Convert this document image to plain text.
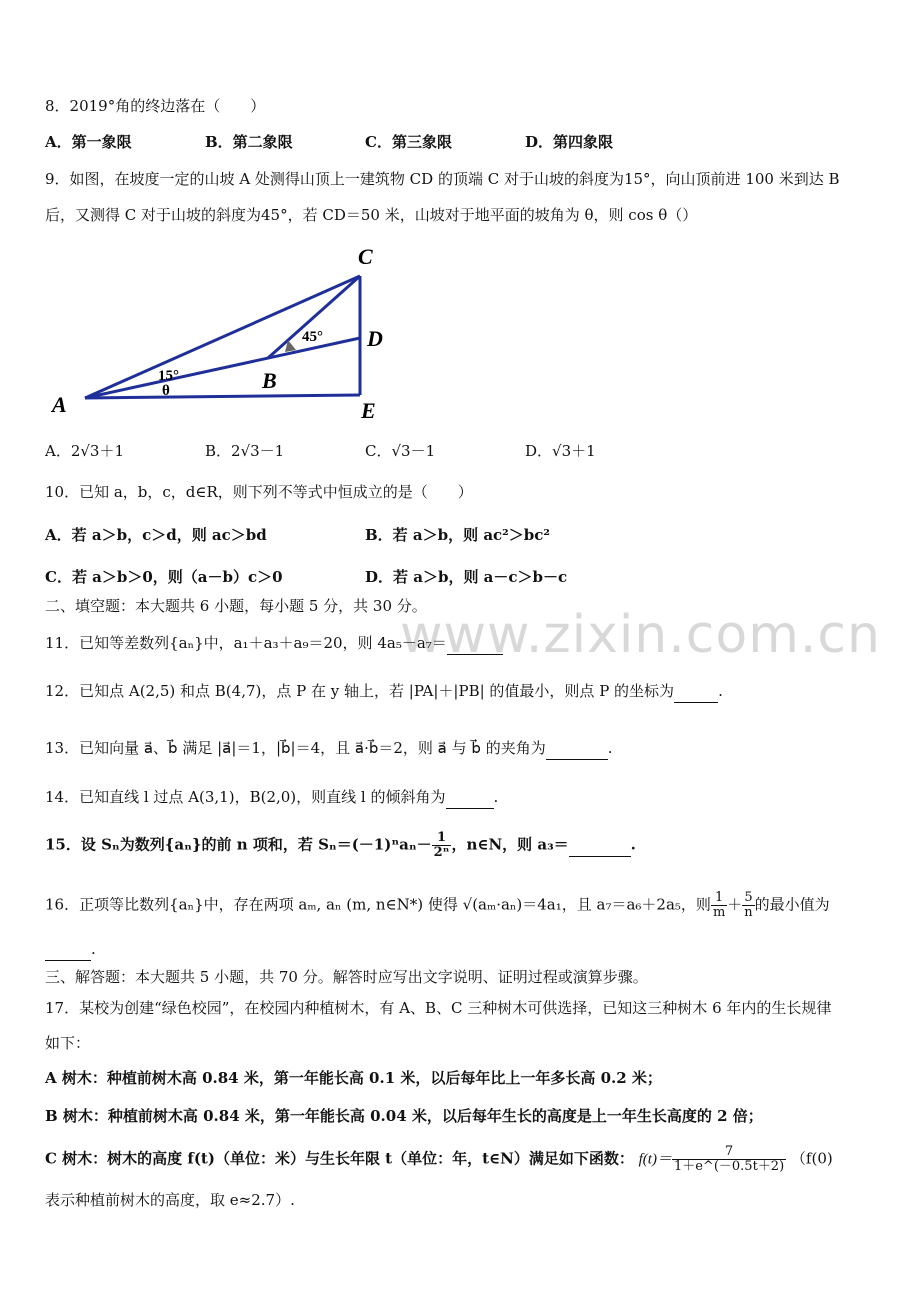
www.zixin.com.cn
8．2019°角的终边落在（　　）
A．第一象限	B．第二象限	C．第三象限	D．第四象限
9．如图，在坡度一定的山坡 A 处测得山顶上一建筑物 CD 的顶端 C 对于山坡的斜度为15°，向山顶前进 100 米到达 B
后，又测得 C 对于山坡的斜度为45°，若 CD＝50 米，山坡对于地平面的坡角为 θ，则 cos θ（）
C
D
A
B
E
15°
45°
θ
A．2√3＋1	B．2√3－1	C．√3－1	D．√3＋1
10．已知 a，b，c，d∈R，则下列不等式中恒成立的是（　　）
A．若 a＞b，c＞d，则 ac＞bd	B．若 a＞b，则 ac²＞bc²
C．若 a＞b＞0，则（a－b）c＞0	D．若 a＞b，则 a－c＞b－c
二、填空题：本大题共 6 小题，每小题 5 分，共 30 分。
11．已知等差数列{aₙ}中，a₁＋a₃＋a₉＝20，则 4a₅－a₇＝
12．已知点 A(2,5) 和点 B(4,7)，点 P 在 y 轴上，若 |PA|＋|PB| 的值最小，则点 P 的坐标为	.
13．已知向量 a⃗、b⃗ 满足 |a⃗|＝1，|b⃗|＝4，且 a⃗·b⃗＝2，则 a⃗ 与 b⃗ 的夹角为	.
14．已知直线 l 过点 A(3,1)，B(2,0)，则直线 l 的倾斜角为	.
15．设 Sₙ为数列{aₙ}的前 n 项和，若 $S_n=(-1)^na_n- \frac{1}{\text{2ⁿ}}$ ，n∈N，则 a₃＝	.
16．正项等比数列{aₙ}中，存在两项 aₘ, aₙ (m, n∈N*) 使得 √(aₘ·aₙ)＝4a₁，且 a₇＝a₆＋2a₅，则 $\frac{1}{m} + \frac{5}{n}$ 的最小值为
.
三、解答题：本大题共 5 小题，共 70 分。解答时应写出文字说明、证明过程或演算步骤。
17．某校为创建“绿色校园”，在校园内种植树木，有 A、B、C 三种树木可供选择，已知这三种树木 6 年内的生长规律
如下：
A 树木：种植前树木高 0.84 米，第一年能长高 0.1 米，以后每年比上一年多长高 0.2 米；
B 树木：种植前树木高 0.84 米，第一年能长高 0.04 米，以后每年生长的高度是上一年生长高度的 2 倍；
C 树木：树木的高度 f(t)（单位：米）与生长年限 t（单位：年，t∈N）满足如下函数： $f(t)= \frac{7}{1+e\^{}(-0.5t+2)} (f(0)$
表示种植前树木的高度，取 e≈2.7）.
